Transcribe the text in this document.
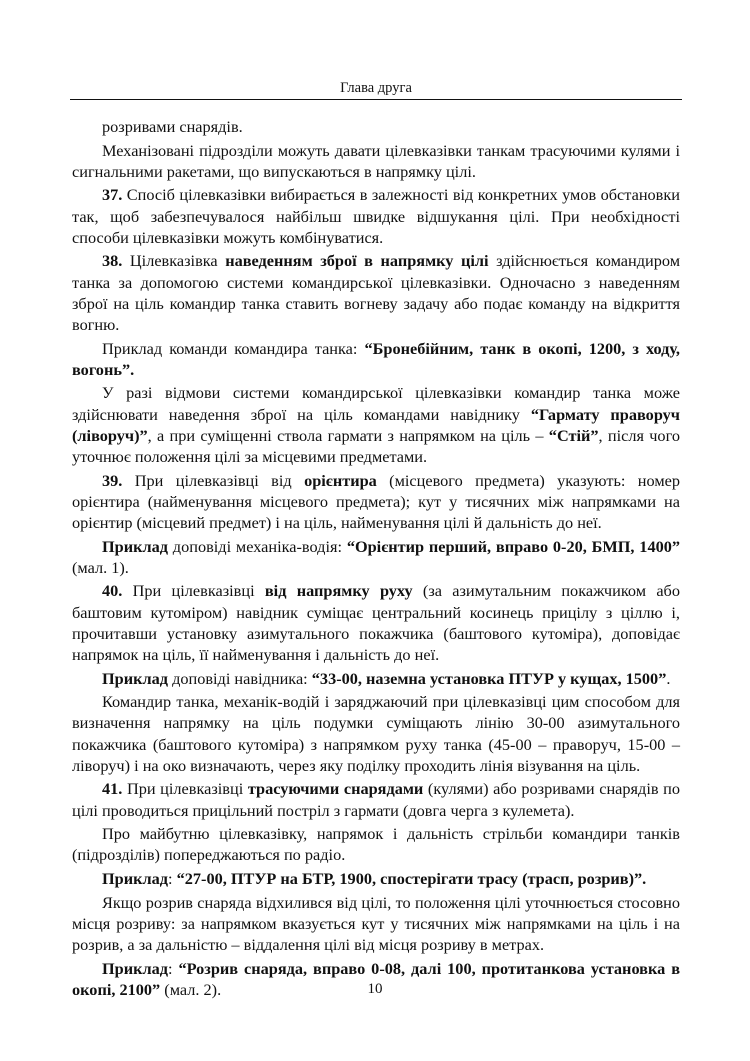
Глава друга

розривами снарядів.

Механізовані підрозділи можуть давати цілевказівки танкам трасуючими кулями і сигнальними ракетами, що випускаються в напрямку цілі.

37. Спосіб цілевказівки вибирається в залежності від конкретних умов обстановки так, щоб забезпечувалося найбільш швидке відшукання цілі. При необхідності способи цілевказівки можуть комбінуватися.

38. Цілевказівка наведенням зброї в напрямку цілі здійснюється командиром танка за допомогою системи командирської цілевказівки. Одночасно з наведенням зброї на ціль командир танка ставить вогневу задачу або подає команду на відкриття вогню.

Приклад команди командира танка: “Бронебійним, танк в окопі, 1200, з ходу, вогонь”.

У разі відмови системи командирської цілевказівки командир танка може здійснювати наведення зброї на ціль командами навіднику “Гармату праворуч (ліворуч)”, а при суміщенні ствола гармати з напрямком на ціль – “Стій”, після чого уточнює положення цілі за місцевими предметами.

39. При цілевказівці від орієнтира (місцевого предмета) указують: номер орієнтира (найменування місцевого предмета); кут у тисячних між напрямками на орієнтир (місцевий предмет) і на ціль, найменування цілі й дальність до неї.

Приклад доповіді механіка-водія: “Орієнтир перший, вправо 0-20, БМП, 1400” (мал. 1).

40. При цілевказівці від напрямку руху (за азимутальним покажчиком або баштовим кутоміром) навідник суміщає центральний косинець прицілу з ціллю і, прочитавши установку азимутального покажчика (баштового кутоміра), доповідає напрямок на ціль, її найменування і дальність до неї.

Приклад доповіді навідника: “33-00, наземна установка ПТУР у кущах, 1500”.

Командир танка, механік-водій і заряджаючий при цілевказівці цим способом для визначення напрямку на ціль подумки суміщають лінію 30-00 азимутального покажчика (баштового кутоміра) з напрямком руху танка (45-00 – праворуч, 15-00 – ліворуч) і на око визначають, через яку поділку проходить лінія візування на ціль.

41. При цілевказівці трасуючими снарядами (кулями) або розривами снарядів по цілі проводиться прицільний постріл з гармати (довга черга з кулемета).

Про майбутню цілевказівку, напрямок і дальність стрільби командири танків (підрозділів) попереджаються по радіо.

Приклад: “27-00, ПТУР на БТР, 1900, спостерігати трасу (трасп, розрив)”.

Якщо розрив снаряда відхилився від цілі, то положення цілі уточнюється стосовно місця розриву: за напрямком вказується кут у тисячних між напрямками на ціль і на розрив, а за дальністю – віддалення цілі від місця розриву в метрах.

Приклад: “Розрив снаряда, вправо 0-08, далі 100, протитанкова установка в окопі, 2100” (мал. 2).	10
